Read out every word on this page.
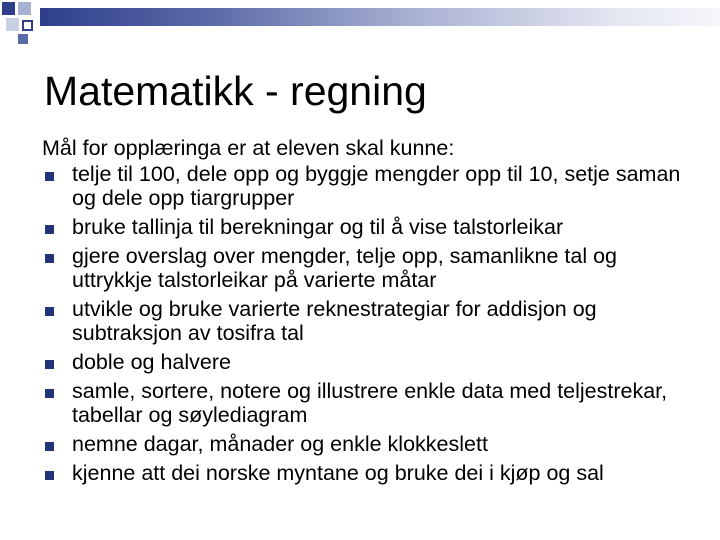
Matematikk - regning

Mål for opplæringa er at eleven skal kunne:

telje til 100, dele opp og byggje mengder opp til 10, setje saman og dele opp tiargrupper
bruke tallinja til berekningar og til å vise talstorleikar
gjere overslag over mengder, telje opp, samanlikne tal og uttrykkje talstorleikar på varierte måtar
utvikle og bruke varierte reknestrategiar for addisjon og subtraksjon av tosifra tal
doble og halvere
samle, sortere, notere og illustrere enkle data med teljestrekar, tabellar og søylediagram
nemne dagar, månader og enkle klokkeslett
kjenne att dei norske myntane og bruke dei i kjøp og sal
